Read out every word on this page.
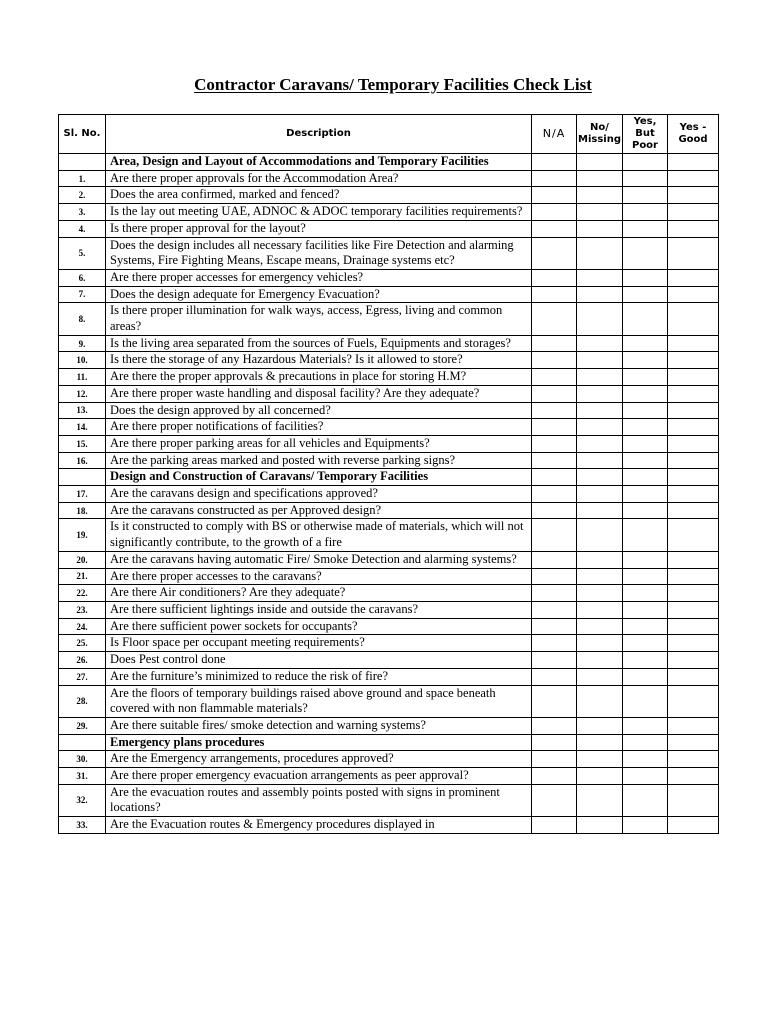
Contractor Caravans/ Temporary Facilities Check List
Sl. No.	Description	N/A	No/ Missing	Yes, But Poor	Yes - Good
	Area, Design and Layout of Accommodations and Temporary Facilities				
1.	Are there proper approvals for the Accommodation Area?				
2.	Does the area confirmed, marked and fenced?				
3.	Is the lay out meeting UAE, ADNOC & ADOC temporary facilities requirements?				
4.	Is there proper approval for the layout?				
5.	Does the design includes all necessary facilities like Fire Detection and alarming Systems, Fire Fighting Means, Escape means, Drainage systems etc?				
6.	Are there proper accesses for emergency vehicles?				
7.	Does the design adequate for Emergency Evacuation?				
8.	Is there proper illumination for walk ways, access, Egress, living and common areas?				
9.	Is the living area separated from the sources of Fuels, Equipments and storages?				
10.	Is there the storage of any Hazardous Materials? Is it allowed to store?				
11.	Are there the proper approvals & precautions in place for storing H.M?				
12.	Are there proper waste handling and disposal facility? Are they adequate?				
13.	Does the design approved by all concerned?				
14.	Are there proper notifications of facilities?				
15.	Are there proper parking areas for all vehicles and Equipments?				
16.	Are the parking areas marked and posted with reverse parking signs?				
	Design and Construction of Caravans/ Temporary Facilities				
17.	Are the caravans design and specifications approved?				
18.	Are the caravans constructed as per Approved design?				
19.	Is it constructed to comply with BS or otherwise made of materials, which will not significantly contribute, to the growth of a fire				
20.	Are the caravans having automatic Fire/ Smoke Detection and alarming systems?				
21.	Are there proper accesses to the caravans?				
22.	Are there Air conditioners? Are they adequate?				
23.	Are there sufficient lightings inside and outside the caravans?				
24.	Are there sufficient power sockets for occupants?				
25.	Is Floor space per occupant meeting requirements?				
26.	Does Pest control done				
27.	Are the furniture’s minimized to reduce the risk of fire?				
28.	Are the floors of temporary buildings raised above ground and space beneath covered with non flammable materials?				
29.	Are there suitable fires/ smoke detection and warning systems?				
	Emergency plans procedures				
30.	Are the Emergency arrangements, procedures approved?				
31.	Are there proper emergency evacuation arrangements as peer approval?				
32.	Are the evacuation routes and assembly points posted with signs in prominent locations?				
33.	Are the Evacuation routes & Emergency procedures displayed in				
